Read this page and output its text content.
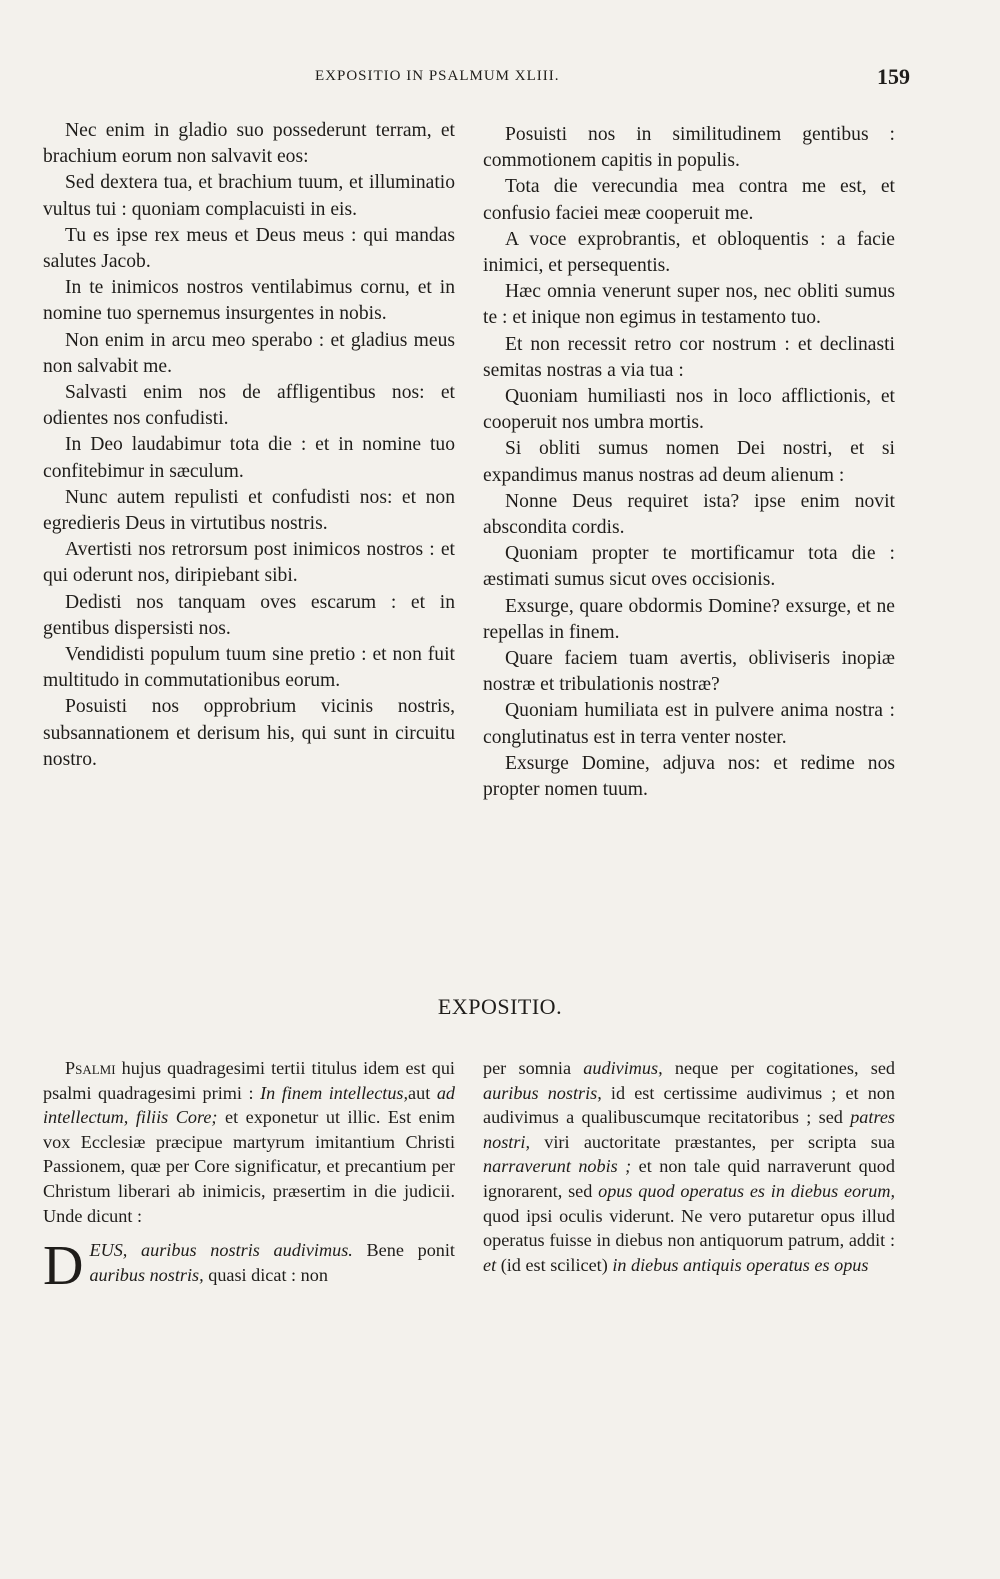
EXPOSITIO IN PSALMUM XLIII.	159

Nec enim in gladio suo possederunt terram, et brachium eorum non salvavit eos:

Sed dextera tua, et brachium tuum, et illuminatio vultus tui : quoniam complacuisti in eis.

Tu es ipse rex meus et Deus meus : qui mandas salutes Jacob.

In te inimicos nostros ventilabimus cornu, et in nomine tuo spernemus insurgentes in nobis.

Non enim in arcu meo sperabo : et gladius meus non salvabit me.

Salvasti enim nos de affligentibus nos: et odientes nos confudisti.

In Deo laudabimur tota die : et in nomine tuo confitebimur in sæculum.

Nunc autem repulisti et confudisti nos: et non egredieris Deus in virtutibus nostris.

Avertisti nos retrorsum post inimicos nostros : et qui oderunt nos, diripiebant sibi.

Dedisti nos tanquam oves escarum : et in gentibus dispersisti nos.

Vendidisti populum tuum sine pretio : et non fuit multitudo in commutationibus eorum.

Posuisti nos opprobrium vicinis nostris, subsannationem et derisum his, qui sunt in circuitu nostro.

Posuisti nos in similitudinem gentibus : commotionem capitis in populis.

Tota die verecundia mea contra me est, et confusio faciei meæ cooperuit me.

A voce exprobrantis, et obloquentis : a facie inimici, et persequentis.

Hæc omnia venerunt super nos, nec obliti sumus te : et inique non egimus in testamento tuo.

Et non recessit retro cor nostrum : et declinasti semitas nostras a via tua :

Quoniam humiliasti nos in loco afflictionis, et cooperuit nos umbra mortis.

Si obliti sumus nomen Dei nostri, et si expandimus manus nostras ad deum alienum :

Nonne Deus requiret ista? ipse enim novit abscondita cordis.

Quoniam propter te mortificamur tota die : æstimati sumus sicut oves occisionis.

Exsurge, quare obdormis Domine? exsurge, et ne repellas in finem.

Quare faciem tuam avertis, obliviseris inopiæ nostræ et tribulationis nostræ?

Quoniam humiliata est in pulvere anima nostra : conglutinatus est in terra venter noster.

Exsurge Domine, adjuva nos: et redime nos propter nomen tuum.

EXPOSITIO.

Psalmi hujus quadragesimi tertii titulus idem est qui psalmi quadragesimi primi : In finem intellectus,aut ad intellectum, filiis Core; et exponetur ut illic. Est enim vox Ecclesiæ præcipue martyrum imitantium Christi Passionem, quæ per Core significatur, et precantium per Christum liberari ab inimicis, præsertim in die judicii. Unde dicunt :

DEUS, auribus nostris audivimus. Bene ponit auribus nostris, quasi dicat : non

per somnia audivimus, neque per cogitationes, sed auribus nostris, id est certissime audivimus ; et non audivimus a qualibuscumque recitatoribus ; sed patres nostri, viri auctoritate præstantes, per scripta sua narraverunt nobis ; et non tale quid narraverunt quod ignorarent, sed opus quod operatus es in diebus eorum, quod ipsi oculis viderunt. Ne vero putaretur opus illud operatus fuisse in diebus non antiquorum patrum, addit : et (id est scilicet) in diebus antiquis operatus es opus
